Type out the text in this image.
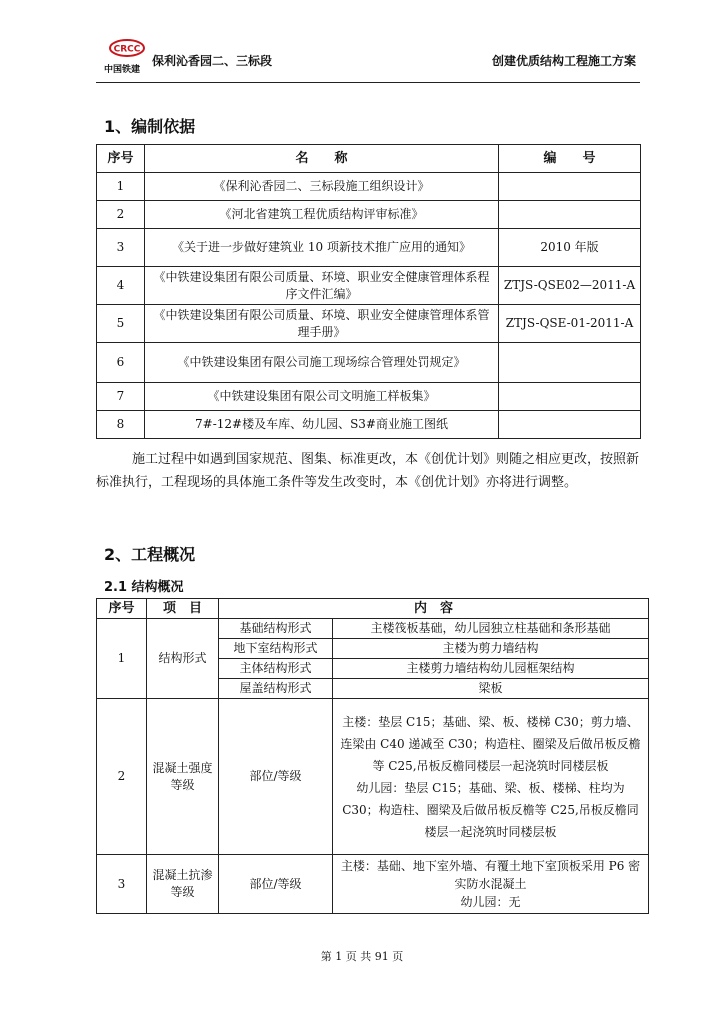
CRCC
中国铁建
保利沁香园二、三标段	创建优质结构工程施工方案
1、编制依据
序号	名　　称	编　　号
1	《保利沁香园二、三标段施工组织设计》	
2	《河北省建筑工程优质结构评审标准》	
3	《关于进一步做好建筑业 10 项新技术推广应用的通知》	2010 年版
4	《中铁建设集团有限公司质量、环境、职业安全健康管理体系程序文件汇编》	ZTJS-QSE02—2011-A
5	《中铁建设集团有限公司质量、环境、职业安全健康管理体系管理手册》	ZTJS-QSE-01-2011-A
6	《中铁建设集团有限公司施工现场综合管理处罚规定》	
7	《中铁建设集团有限公司文明施工样板集》	
8	7#-12#楼及车库、幼儿园、S3#商业施工图纸	

施工过程中如遇到国家规范、图集、标准更改，本《创优计划》则随之相应更改，按照新标准执行，工程现场的具体施工条件等发生改变时，本《创优计划》亦将进行调整。

2、工程概况
2.1 结构概况
序号	项　目	内　容	
1	结构形式	基础结构形式	主楼筏板基础，幼儿园独立柱基础和条形基础
		地下室结构形式	主楼为剪力墙结构
		主体结构形式	主楼剪力墙结构幼儿园框架结构
		屋盖结构形式	梁板
2	混凝土强度等级	部位/等级	主楼：垫层 C15；基础、梁、板、楼梯 C30；剪力墙、连梁由 C40 递减至 C30；构造柱、圈梁及后做吊板反檐等 C25,吊板反檐同楼层一起浇筑时同楼层板
幼儿园：垫层 C15；基础、梁、板、楼梯、柱均为 C30；构造柱、圈梁及后做吊板反檐等 C25,吊板反檐同楼层一起浇筑时同楼层板

3	混凝土抗渗等级	部位/等级	主楼：基础、地下室外墙、有覆土地下室顶板采用 P6 密实防水混凝土
幼儿园：无
第 1 页 共 91 页
